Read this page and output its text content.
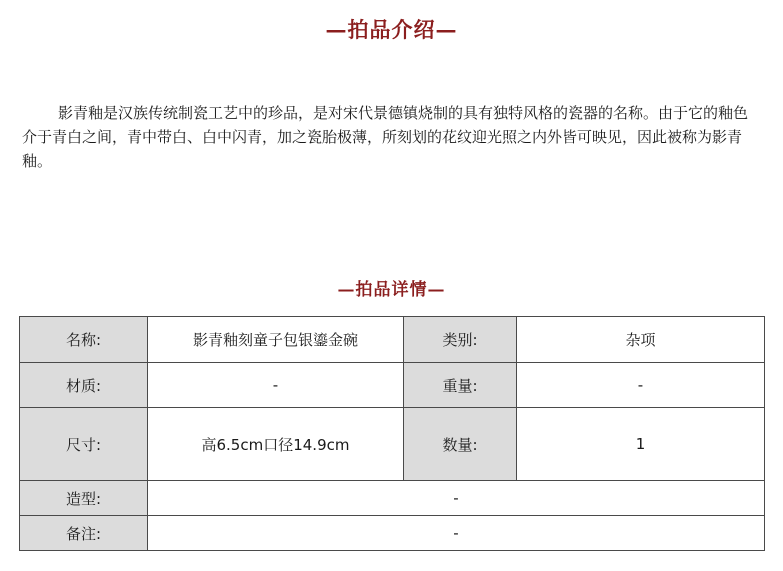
—拍品介绍—

影青釉是汉族传统制瓷工艺中的珍品，是对宋代景德镇烧制的具有独特风格的瓷器的名称。由于它的釉色介于青白之间，青中带白、白中闪青，加之瓷胎极薄，所刻划的花纹迎光照之内外皆可映见，因此被称为影青釉。

—拍品详情—
名称:	影青釉刻童子包银鎏金碗	类别:	杂项
材质:	-	重量:	-
尺寸:	高6.5cm口径14.9cm	数量:	1
造型:	-		
备注:	-		
